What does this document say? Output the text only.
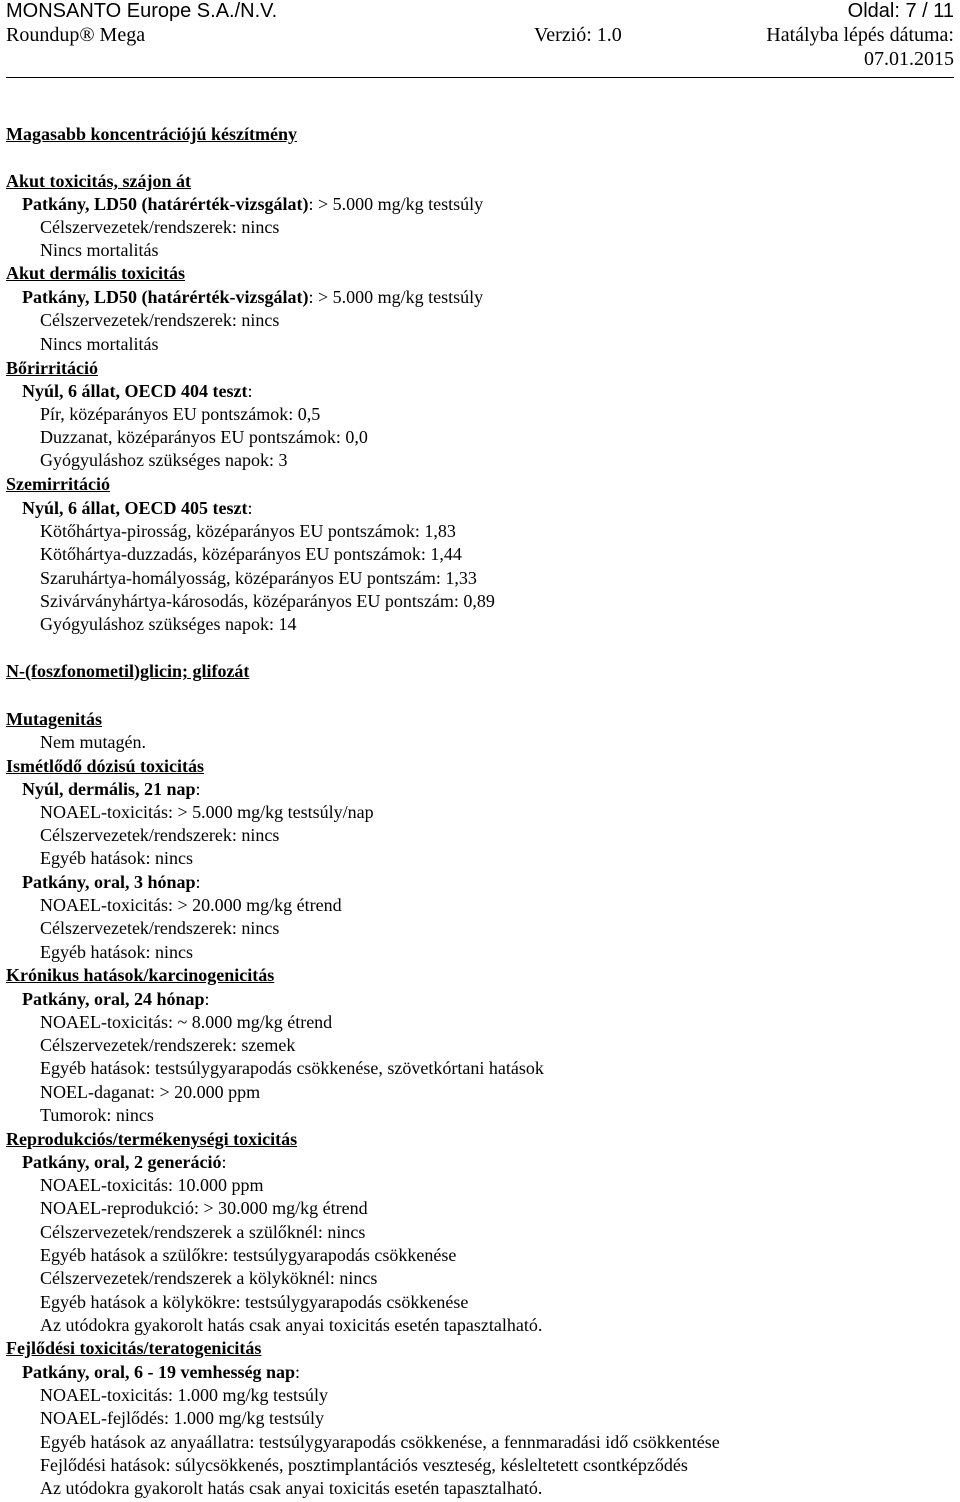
MONSANTO Europe S.A./N.V.	Oldal: 7 / 11
Roundup® Mega	Verzió: 1.0	Hatályba lépés dátuma:
07.01.2015
Magasabb koncentrációjú készítmény
Akut toxicitás, szájon át
Patkány, LD50 (határérték-vizsgálat): > 5.000 mg/kg testsúly
Célszervezetek/rendszerek: nincs
Nincs mortalitás
Akut dermális toxicitás
Patkány, LD50 (határérték-vizsgálat): > 5.000 mg/kg testsúly
Célszervezetek/rendszerek: nincs
Nincs mortalitás
Bőrirritáció
Nyúl, 6 állat, OECD 404 teszt:
Pír, középarányos EU pontszámok: 0,5
Duzzanat, középarányos EU pontszámok: 0,0
Gyógyuláshoz szükséges napok: 3
Szemirritáció
Nyúl, 6 állat, OECD 405 teszt:
Kötőhártya-pirosság, középarányos EU pontszámok: 1,83
Kötőhártya-duzzadás, középarányos EU pontszámok: 1,44
Szaruhártya-homályosság, középarányos EU pontszám: 1,33
Szivárványhártya-károsodás, középarányos EU pontszám: 0,89
Gyógyuláshoz szükséges napok: 14
N-(foszfonometil)glicin; glifozát
Mutagenitás
Nem mutagén.
Ismétlődő dózisú toxicitás
Nyúl, dermális, 21 nap:
NOAEL-toxicitás: > 5.000 mg/kg testsúly/nap
Célszervezetek/rendszerek: nincs
Egyéb hatások: nincs
Patkány, oral, 3 hónap:
NOAEL-toxicitás: > 20.000 mg/kg étrend
Célszervezetek/rendszerek: nincs
Egyéb hatások: nincs
Krónikus hatások/karcinogenicitás
Patkány, oral, 24 hónap:
NOAEL-toxicitás: ~ 8.000 mg/kg étrend
Célszervezetek/rendszerek: szemek
Egyéb hatások: testsúlygyarapodás csökkenése, szövetkórtani hatások
NOEL-daganat: > 20.000 ppm
Tumorok: nincs
Reprodukciós/termékenységi toxicitás
Patkány, oral, 2 generáció:
NOAEL-toxicitás: 10.000 ppm
NOAEL-reprodukció: > 30.000 mg/kg étrend
Célszervezetek/rendszerek a szülőknél: nincs
Egyéb hatások a szülőkre: testsúlygyarapodás csökkenése
Célszervezetek/rendszerek a kölyköknél: nincs
Egyéb hatások a kölykökre: testsúlygyarapodás csökkenése
Az utódokra gyakorolt hatás csak anyai toxicitás esetén tapasztalható.
Fejlődési toxicitás/teratogenicitás
Patkány, oral, 6 - 19 vemhesség nap:
NOAEL-toxicitás: 1.000 mg/kg testsúly
NOAEL-fejlődés: 1.000 mg/kg testsúly
Egyéb hatások az anyaállatra: testsúlygyarapodás csökkenése, a fennmaradási idő csökkentése
Fejlődési hatások: súlycsökkenés, posztimplantációs veszteség, késleltetett csontképződés
Az utódokra gyakorolt hatás csak anyai toxicitás esetén tapasztalható.
